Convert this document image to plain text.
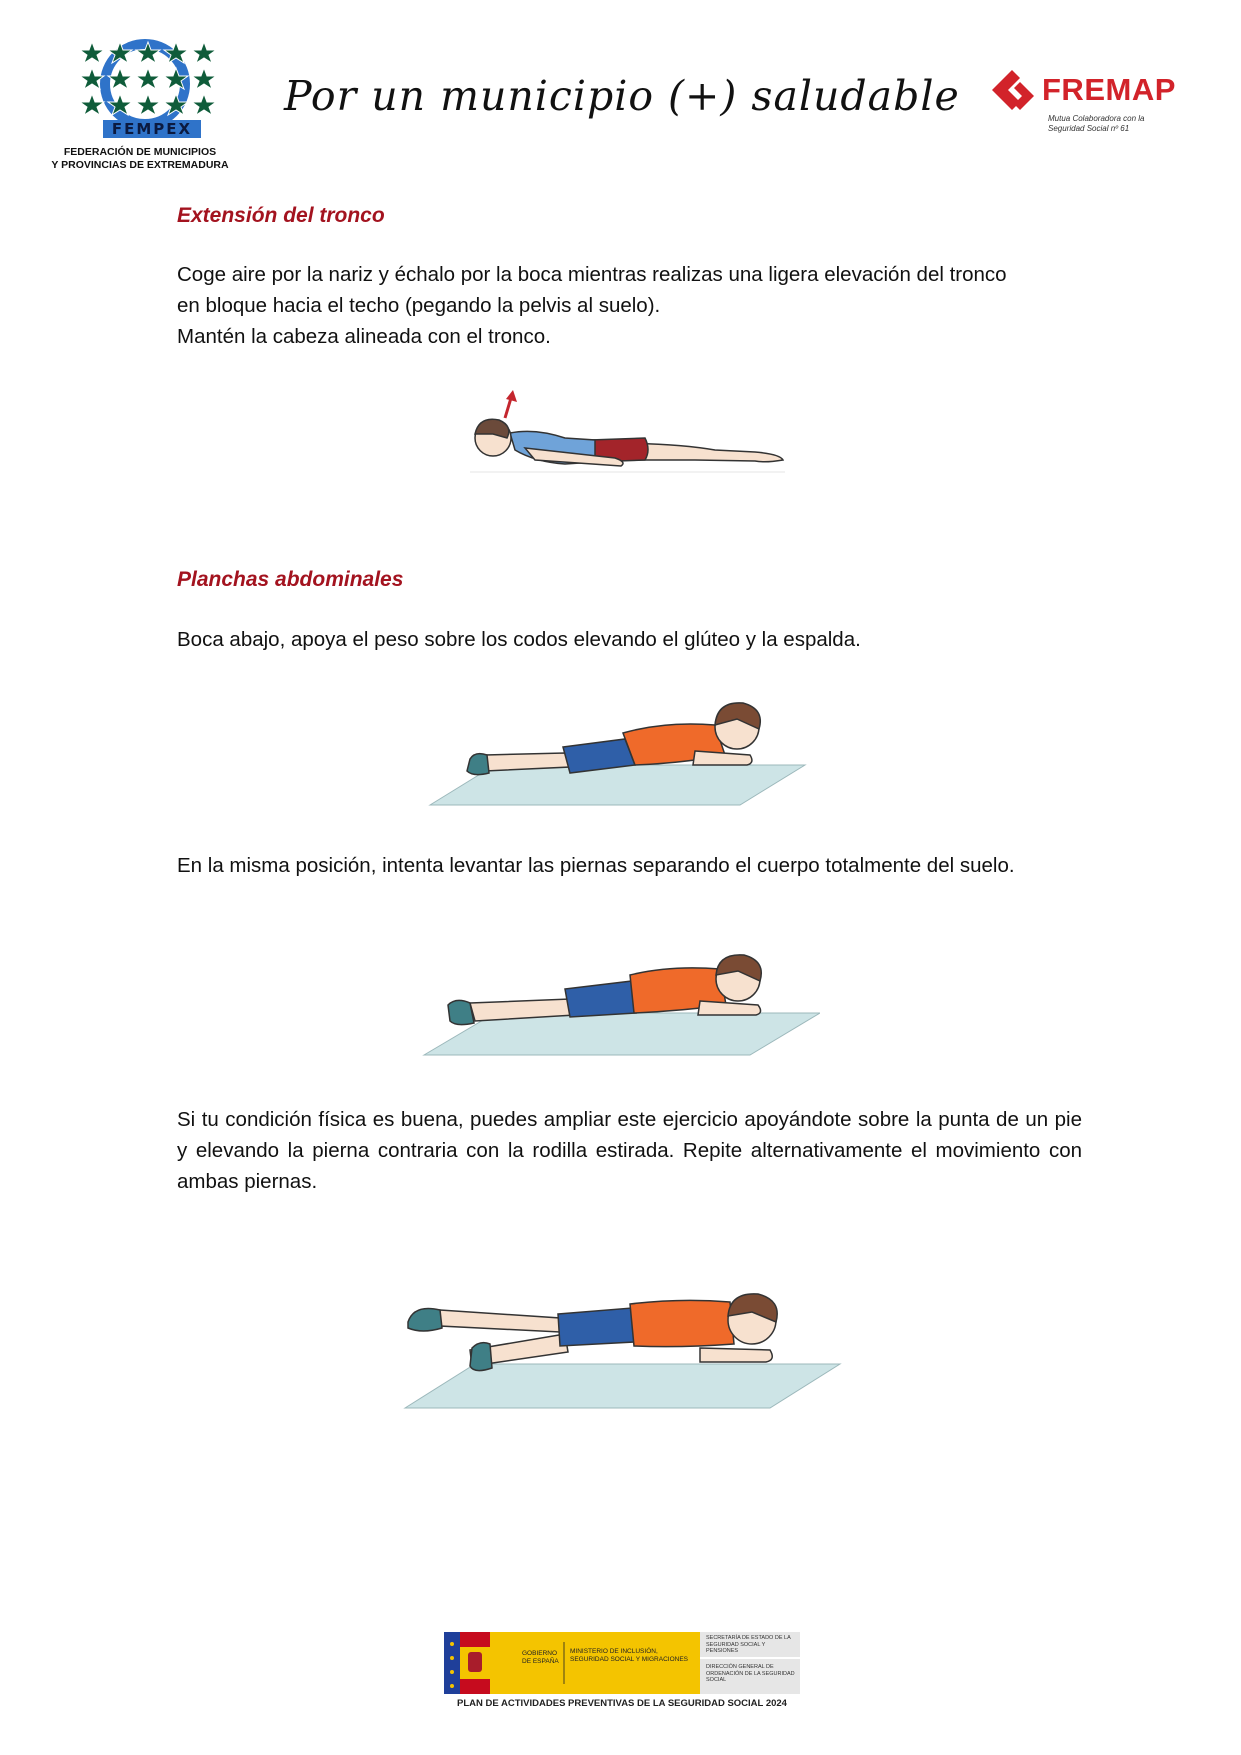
FEMPEX
FEDERACIÓN DE MUNICIPIOS
Y PROVINCIAS DE EXTREMADURA
Por un municipio (+) saludable	FREMAP
Mutua Colaboradora con la Seguridad Social nº 61
Extensión del tronco
Coge aire por la nariz y échalo por la boca mientras realizas una ligera elevación del tronco
en bloque hacia el techo (pegando la pelvis al suelo).
Mantén la cabeza alineada con el tronco.
Planchas abdominales
Boca abajo, apoya el peso sobre los codos elevando el glúteo y la espalda.
En la misma posición, intenta levantar las piernas separando el cuerpo totalmente del suelo.
Si tu condición física es buena, puedes ampliar este ejercicio apoyándote sobre la punta de un pie y elevando la pierna contraria con la rodilla estirada. Repite alternativamente el movimiento con ambas piernas.
GOBIERNO DE ESPAÑA
MINISTERIO DE INCLUSIÓN, SEGURIDAD SOCIAL Y MIGRACIONES
SECRETARÍA DE ESTADO DE LA SEGURIDAD SOCIAL Y PENSIONES
DIRECCIÓN GENERAL DE ORDENACIÓN DE LA SEGURIDAD SOCIAL
PLAN DE ACTIVIDADES PREVENTIVAS DE LA SEGURIDAD SOCIAL 2024
